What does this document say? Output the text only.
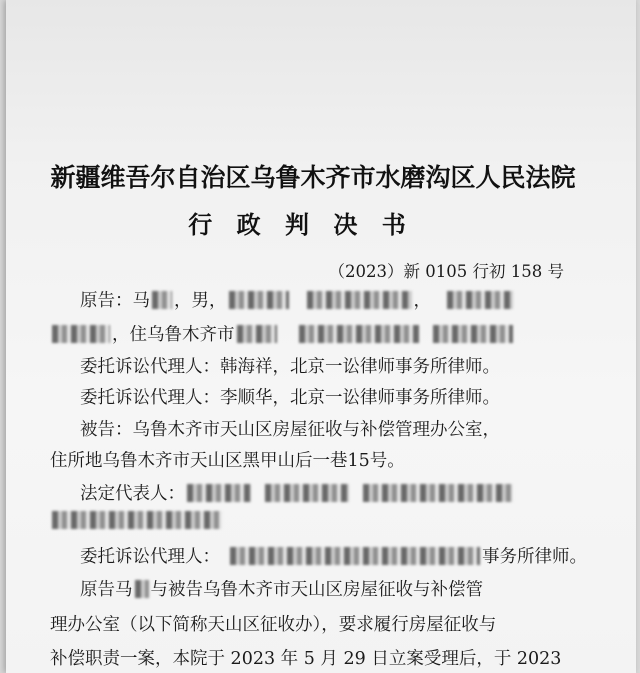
新疆维吾尔自治区乌鲁木齐市水磨沟区人民法院
行 政 判 决 书
（2023）新 0105 行初 158 号
原告：马 ，男，	，
，住乌鲁木齐市
委托诉讼代理人：韩海祥，北京一讼律师事务所律师。
委托诉讼代理人：李顺华，北京一讼律师事务所律师。
被告：乌鲁木齐市天山区房屋征收与补偿管理办公室，
住所地乌鲁木齐市天山区黑甲山后一巷15号。
法定代表人：
委托诉讼代理人：	事务所律师。
原告马 与被告乌鲁木齐市天山区房屋征收与补偿管
理办公室（以下简称天山区征收办），要求履行房屋征收与
补偿职责一案，本院于 2023 年 5 月 29 日立案受理后，于 2023
